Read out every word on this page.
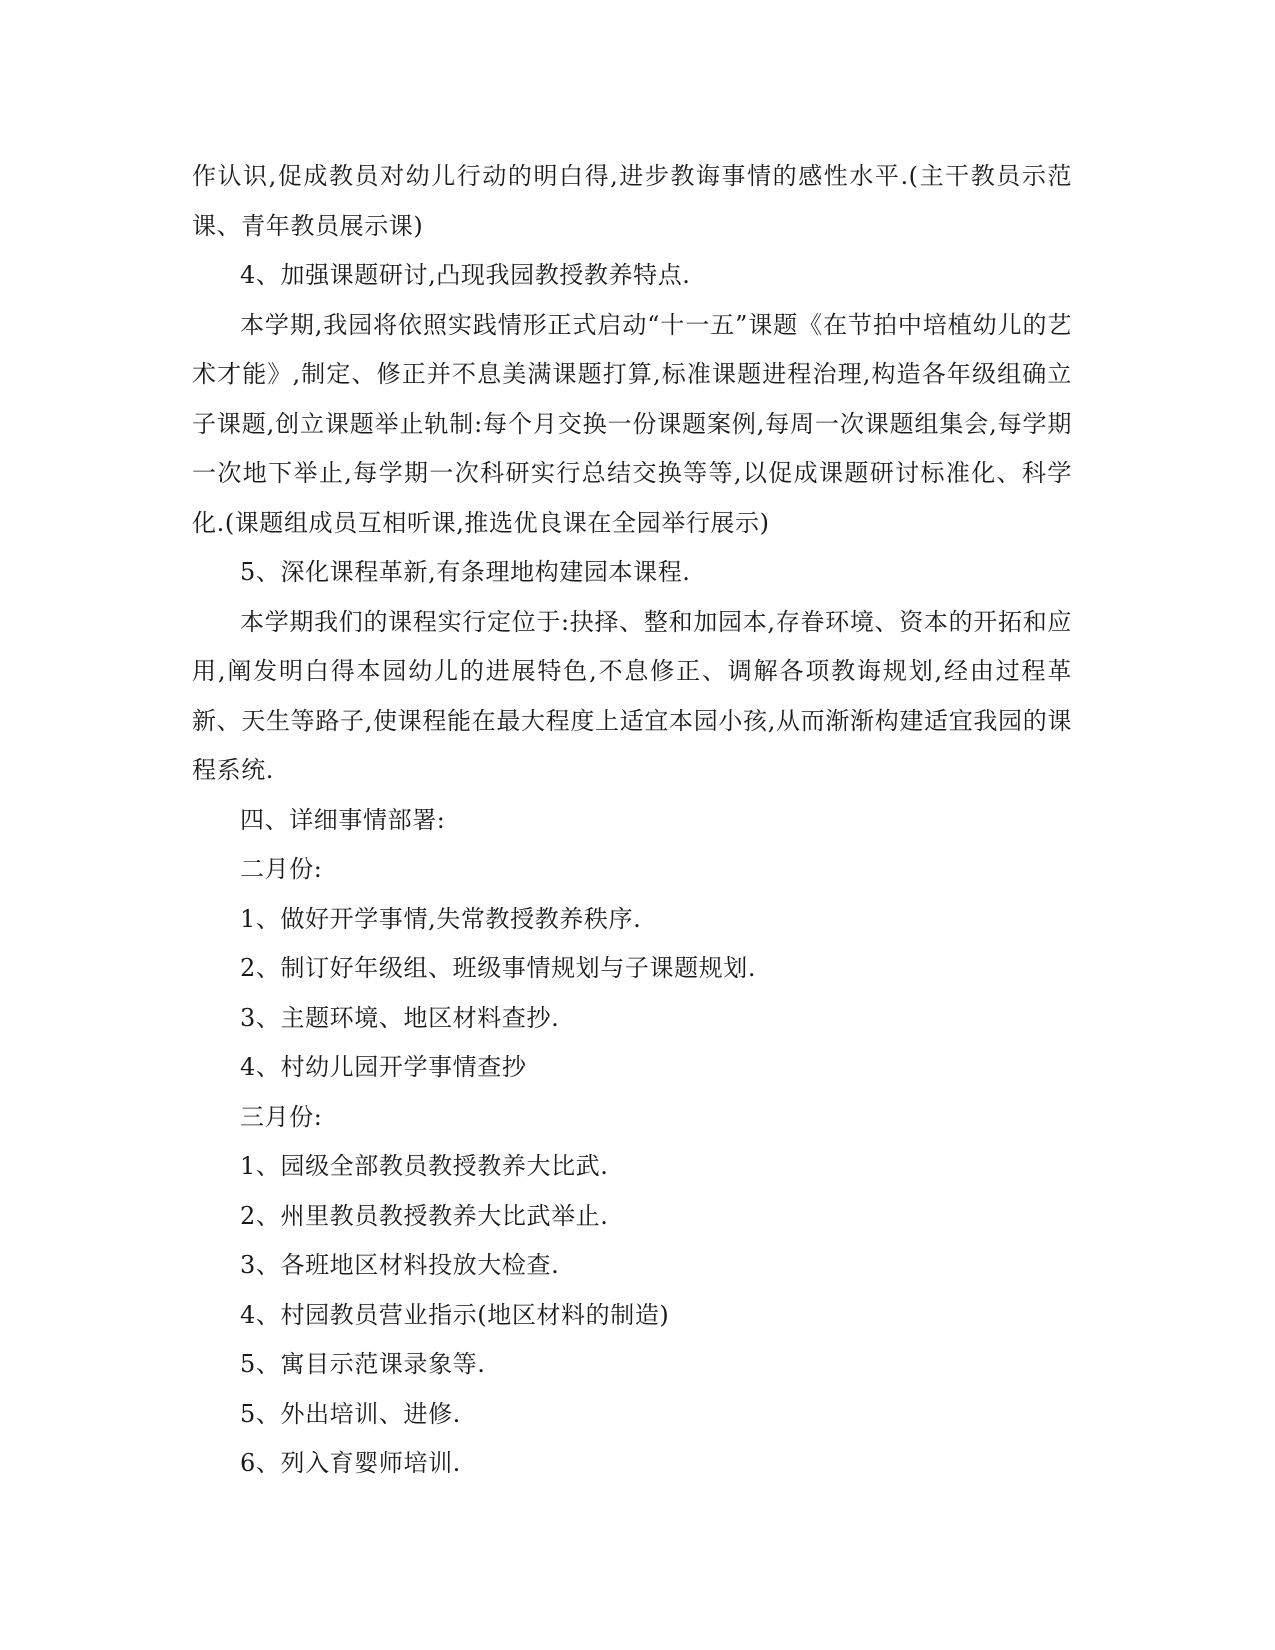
作认识,促成教员对幼儿行动的明白得,进步教诲事情的感性水平.(主干教员示范课、青年教员展示课)

4、加强课题研讨,凸现我园教授教养特点.

本学期,我园将依照实践情形正式启动“十一五”课题《在节拍中培植幼儿的艺术才能》,制定、修正并不息美满课题打算,标准课题进程治理,构造各年级组确立子课题,创立课题举止轨制:每个月交换一份课题案例,每周一次课题组集会,每学期一次地下举止,每学期一次科研实行总结交换等等,以促成课题研讨标准化、科学化.(课题组成员互相听课,推选优良课在全园举行展示)

5、深化课程革新,有条理地构建园本课程.

本学期我们的课程实行定位于:抉择、整和加园本,存眷环境、资本的开拓和应用,阐发明白得本园幼儿的进展特色,不息修正、调解各项教诲规划,经由过程革新、天生等路子,使课程能在最大程度上适宜本园小孩,从而渐渐构建适宜我园的课程系统.

四、详细事情部署:

二月份:

1、做好开学事情,失常教授教养秩序.

2、制订好年级组、班级事情规划与子课题规划.

3、主题环境、地区材料查抄.

4、村幼儿园开学事情查抄

三月份:

1、园级全部教员教授教养大比武.

2、州里教员教授教养大比武举止.

3、各班地区材料投放大检查.

4、村园教员营业指示(地区材料的制造)

5、寓目示范课录象等.

5、外出培训、进修.

6、列入育婴师培训.
